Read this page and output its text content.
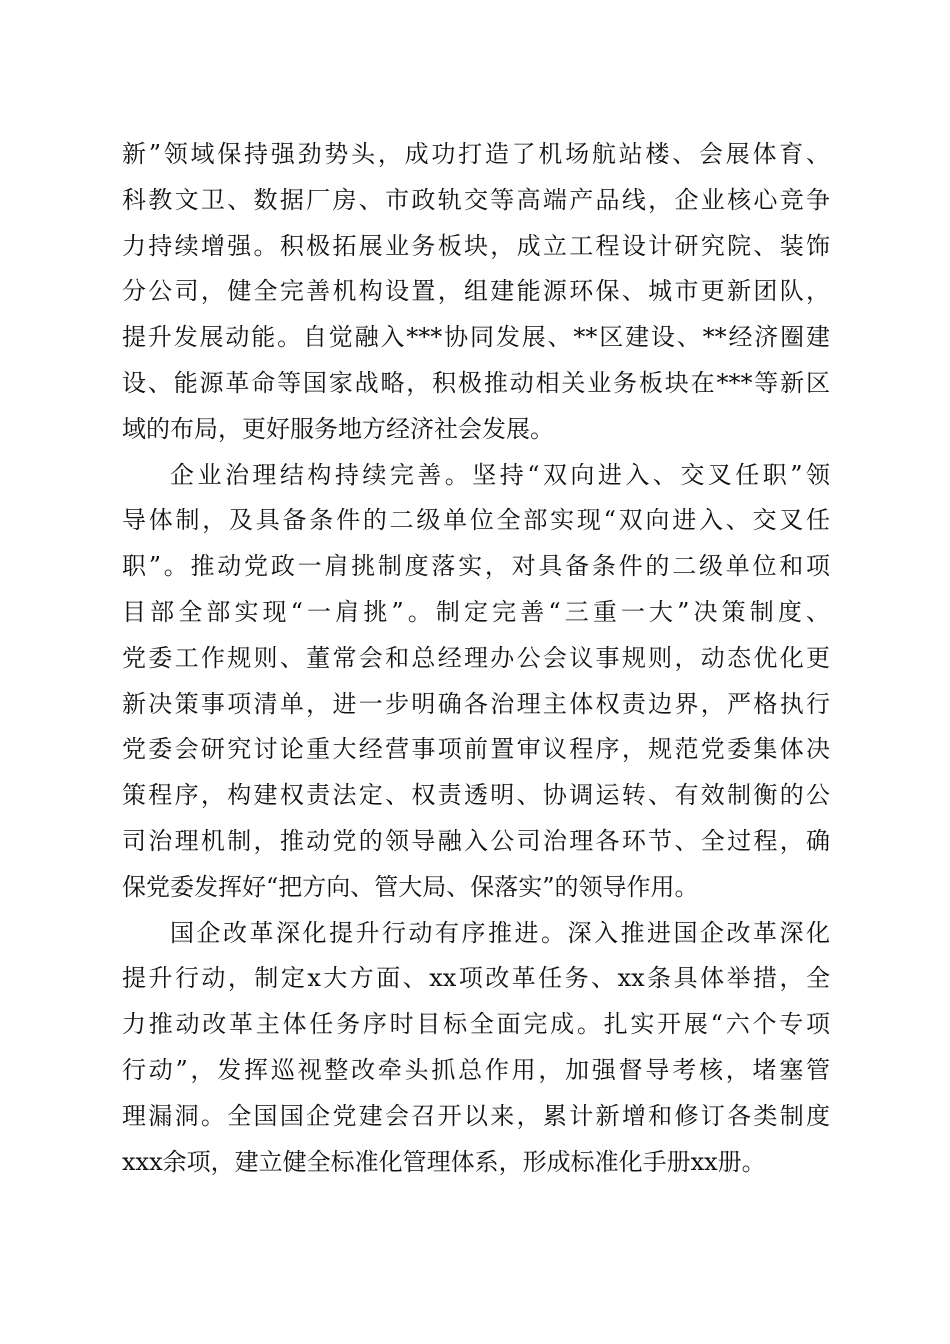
新”领域保持强劲势头，成功打造了机场航站楼、会展体育、
科教文卫、数据厂房、市政轨交等高端产品线，企业核心竞争
力持续增强。积极拓展业务板块，成立工程设计研究院、装饰
分公司，健全完善机构设置，组建能源环保、城市更新团队，
提升发展动能。自觉融入***协同发展、**区建设、**经济圈建
设、能源革命等国家战略，积极推动相关业务板块在***等新区
域的布局，更好服务地方经济社会发展。
企业治理结构持续完善。坚持“双向进入、交叉任职”领
导体制，及具备条件的二级单位全部实现“双向进入、交叉任
职”。推动党政一肩挑制度落实，对具备条件的二级单位和项
目部全部实现“一肩挑”。制定完善“三重一大”决策制度、
党委工作规则、董常会和总经理办公会议事规则，动态优化更
新决策事项清单，进一步明确各治理主体权责边界，严格执行
党委会研究讨论重大经营事项前置审议程序，规范党委集体决
策程序，构建权责法定、权责透明、协调运转、有效制衡的公
司治理机制，推动党的领导融入公司治理各环节、全过程，确
保党委发挥好“把方向、管大局、保落实”的领导作用。
国企改革深化提升行动有序推进。深入推进国企改革深化
提升行动，制定x大方面、xx项改革任务、xx条具体举措，全
力推动改革主体任务序时目标全面完成。扎实开展“六个专项
行动”，发挥巡视整改牵头抓总作用，加强督导考核，堵塞管
理漏洞。全国国企党建会召开以来，累计新增和修订各类制度
xxx余项，建立健全标准化管理体系，形成标准化手册xx册。
